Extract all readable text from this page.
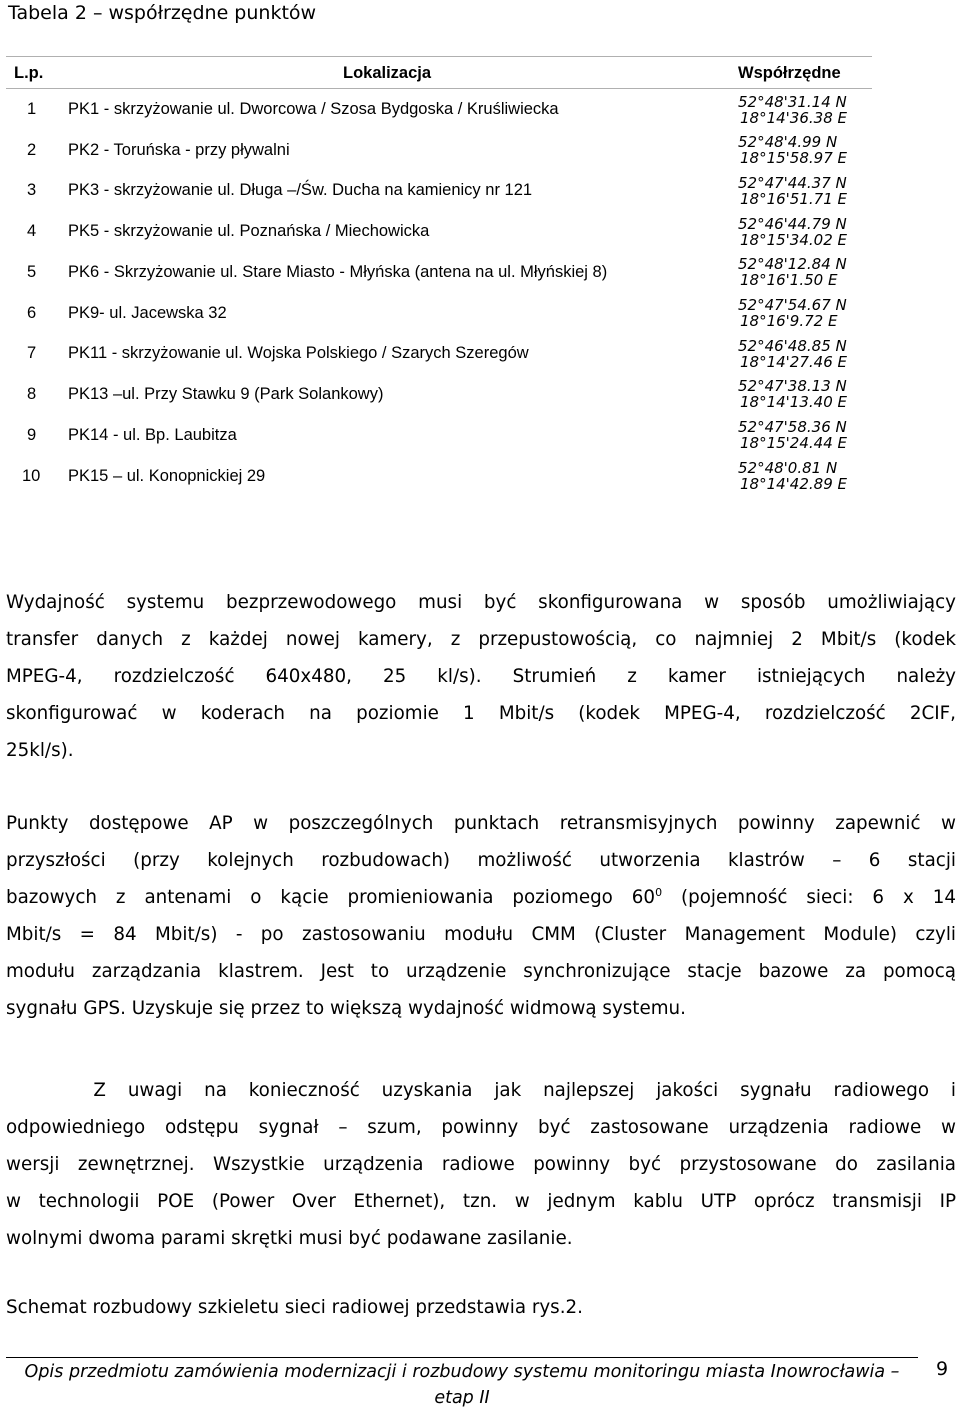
Tabela 2 – współrzędne punktów
L.p.	Lokalizacja	Współrzędne
1 PK1 - skrzyżowanie ul. Dworcowa / Szosa Bydgoska / Kruśliwiecka	52°48'31.14 N
18°14'36.38 E
2 PK2 - Toruńska - przy pływalni	52°48'4.99 N
18°15'58.97 E
3 PK3 - skrzyżowanie ul. Długa –/Św. Ducha na kamienicy nr 121	52°47'44.37 N
18°16'51.71 E
4 PK5 - skrzyżowanie ul. Poznańska / Miechowicka	52°46'44.79 N
18°15'34.02 E
5 PK6 - Skrzyżowanie ul. Stare Miasto - Młyńska (antena na ul. Młyńskiej 8)	52°48'12.84 N
18°16'1.50 E
6 PK9- ul. Jacewska 32	52°47'54.67 N
18°16'9.72 E
7 PK11 - skrzyżowanie ul. Wojska Polskiego / Szarych Szeregów	52°46'48.85 N
18°14'27.46 E
8 PK13 –ul. Przy Stawku 9 (Park Solankowy)	52°47'38.13 N
18°14'13.40 E
9 PK14 - ul. Bp. Laubitza	52°47'58.36 N
18°15'24.44 E
10 PK15 – ul. Konopnickiej 29	52°48'0.81 N
18°14'42.89 E
Wydajność systemu bezprzewodowego musi być skonfigurowana w sposób umożliwiający
transfer danych z każdej nowej kamery, z przepustowością, co najmniej 2 Mbit/s (kodek
MPEG-4, rozdzielczość 640x480, 25 kl/s). Strumień z kamer istniejących należy
skonfigurować w koderach na poziomie 1 Mbit/s (kodek MPEG-4, rozdzielczość 2CIF,
25kl/s).
Punkty dostępowe AP w poszczególnych punktach retransmisyjnych powinny zapewnić w
przyszłości (przy kolejnych rozbudowach) możliwość utworzenia klastrów – 6 stacji
bazowych z antenami o kącie promieniowania poziomego $60^0$ (pojemność sieci: 6 x 14
Mbit/s = 84 Mbit/s) - po zastosowaniu modułu CMM (Cluster Management Module) czyli
modułu zarządzania klastrem. Jest to urządzenie synchronizujące stacje bazowe za pomocą
sygnału GPS. Uzyskuje się przez to większą wydajność widmową systemu.
Z uwagi na konieczność uzyskania jak najlepszej jakości sygnału radiowego i
odpowiedniego odstępu sygnał – szum, powinny być zastosowane urządzenia radiowe w
wersji zewnętrznej. Wszystkie urządzenia radiowe powinny być przystosowane do zasilania
w technologii POE (Power Over Ethernet), tzn. w jednym kablu UTP oprócz transmisji IP
wolnymi dwoma parami skrętki musi być podawane zasilanie.
Schemat rozbudowy szkieletu sieci radiowej przedstawia rys.2.
Opis przedmiotu zamówienia modernizacji i rozbudowy systemu monitoringu miasta Inowrocławia – etap II
9
